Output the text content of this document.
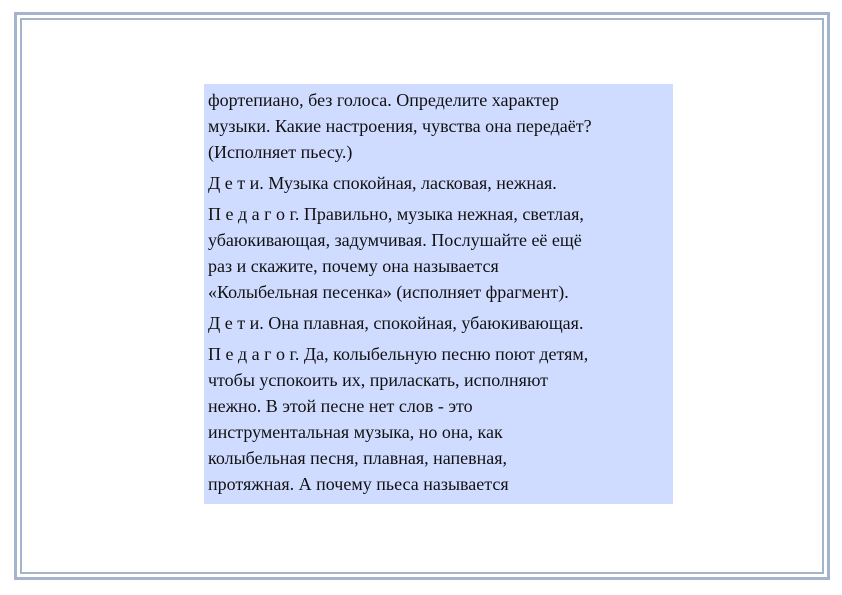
фортепиано, без голоса. Определите характер
музыки. Какие настроения, чувства она передаёт?
(Исполняет пьесу.)

Д е т и. Музыка спокойная, ласковая, нежная.

П е д а г о г. Правильно, музыка нежная, светлая,
убаюкивающая, задумчивая. Послушайте её ещё
раз и скажите, почему она называется
«Колыбельная песенка» (исполняет фрагмент).

Д е т и. Она плавная, спокойная, убаюкивающая.

П е д а г о г. Да, колыбельную песню поют детям,
чтобы успокоить их, приласкать, исполняют
нежно. В этой песне нет слов - это
инструментальная музыка, но она, как
колыбельная песня, плавная, напевная,
протяжная. А почему пьеса называется
